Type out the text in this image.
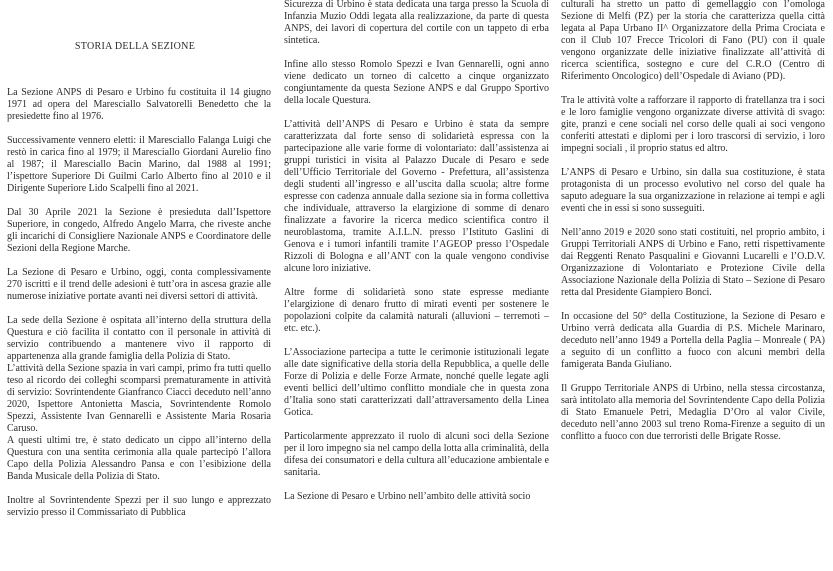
STORIA DELLA SEZIONE

La Sezione ANPS di Pesaro e Urbino fu costituita il 14 giugno 1971 ad opera del Maresciallo Salvatorelli Benedetto che la presiedette fino al 1976.

Successivamente vennero eletti: il Maresciallo Falanga Luigi che restò in carica fino al 1979; il Maresciallo Giordani Aurelio fino al 1987; il Maresciallo Bacin Marino, dal 1988 al 1991; l’ispettore Superiore Di Guilmi Carlo Alberto fino al 2010 e il Dirigente Superiore Lido Scalpelli fino al 2021.

Dal 30 Aprile 2021 la Sezione è presieduta dall’Ispettore Superiore, in congedo, Alfredo Angelo Marra, che riveste anche gli incarichi di Consigliere Nazionale ANPS e Coordinatore delle Sezioni della Regione Marche.

La Sezione di Pesaro e Urbino, oggi, conta complessivamente 270 iscritti e il trend delle adesioni è tutt’ora in ascesa grazie alle numerose iniziative portate avanti nei diversi settori di attività.

La sede della Sezione è ospitata all’interno della struttura della Questura e ciò facilita il contatto con il personale in attività di servizio contribuendo a mantenere vivo il rapporto di appartenenza alla grande famiglia della Polizia di Stato.

L’attività della Sezione spazia in vari campi, primo fra tutti quello teso al ricordo dei colleghi scomparsi prematuramente in attività di servizio: Sovrintendente Gianfranco Ciacci deceduto nell’anno 2020, Ispettore Antonietta Mascia, Sovrintendente Romolo Spezzi, Assistente Ivan Gennarelli e Assistente Maria Rosaria Caruso.

A questi ultimi tre, è stato dedicato un cippo all’interno della Questura con una sentita cerimonia alla quale partecipò l’allora Capo della Polizia Alessandro Pansa e con l’esibizione della Banda Musicale della Polizia di Stato.

Inoltre al Sovrintendente Spezzi per il suo lungo e apprezzato servizio presso il Commissariato di Pubblica

Sicurezza di Urbino è stata dedicata una targa presso la Scuola di Infanzia Muzio Oddi legata alla realizzazione, da parte di questa ANPS, dei lavori di copertura del cortile con un tappeto di erba sintetica.

Infine allo stesso Romolo Spezzi e Ivan Gennarelli, ogni anno viene dedicato un torneo di calcetto a cinque organizzato congiuntamente da questa Sezione ANPS e dal Gruppo Sportivo della locale Questura.

L’attività dell’ANPS di Pesaro e Urbino è stata da sempre caratterizzata dal forte senso di solidarietà espressa con la partecipazione alle varie forme di volontariato: dall’assistenza ai gruppi turistici in visita al Palazzo Ducale di Pesaro e sede dell’Ufficio Territoriale del Governo - Prefettura, all’assistenza degli studenti all’ingresso e all’uscita dalla scuola; altre forme espresse con cadenza annuale dalla sezione sia in forma collettiva che individuale, attraverso la elargizione di somme di denaro finalizzate a favorire la ricerca medico scientifica contro il neuroblastoma, tramite A.I.L.N. presso l’Istituto Gaslini di Genova e i tumori infantili tramite l’AGEOP presso l’Ospedale Rizzoli di Bologna e all’ANT con la quale vengono condivise alcune loro iniziative.

Altre forme di solidarietà sono state espresse mediante l’elargizione di denaro frutto di mirati eventi per sostenere le popolazioni colpite da calamità naturali (alluvioni – terremoti – etc. etc.).

L’Associazione partecipa a tutte le cerimonie istituzionali legate alle date significative della storia della Repubblica, a quelle delle Forze di Polizia e delle Forze Armate, nonché quelle legate agli eventi bellici dell’ultimo conflitto mondiale che in questa zona d’Italia sono stati caratterizzati dall’attraversamento della Linea Gotica.

Particolarmente apprezzato il ruolo di alcuni soci della Sezione per il loro impegno sia nel campo della lotta alla criminalità, della difesa dei consumatori e della cultura all’educazione ambientale e sanitaria.

La Sezione di Pesaro e Urbino nell’ambito delle attività socio

culturali ha stretto un patto di gemellaggio con l’omologa Sezione di Melfi (PZ) per la storia che caratterizza quella città legata al Papa Urbano II^ Organizzatore della Prima Crociata e con il Club 107 Frecce Tricolori di Fano (PU) con il quale vengono organizzate delle iniziative finalizzate all’attività di ricerca scientifica, sostegno e cure del C.R.O (Centro di Riferimento Oncologico) dell’Ospedale di Aviano (PD).

Tra le attività volte a rafforzare il rapporto di fratellanza tra i soci e le loro famiglie vengono organizzate diverse attività di svago: gite, pranzi e cene sociali nel corso delle quali ai soci vengono conferiti attestati e diplomi per i loro trascorsi di servizio, i loro impegni sociali , il proprio status ed altro.

L’ANPS di Pesaro e Urbino, sin dalla sua costituzione, è stata protagonista di un processo evolutivo nel corso del quale ha saputo adeguare la sua organizzazione in relazione ai tempi e agli eventi che in essi si sono susseguiti.

Nell’anno 2019 e 2020 sono stati costituiti, nel proprio ambito, i Gruppi Territoriali ANPS di Urbino e Fano, retti rispettivamente dai Reggenti Renato Pasqualini e Giovanni Lucarelli e l’O.D.V. Organizzazione di Volontariato e Protezione Civile della Associazione Nazionale della Polizia di Stato – Sezione di Pesaro retta dal Presidente Giampiero Bonci.

In occasione del 50° della Costituzione, la Sezione di Pesaro e Urbino verrà dedicata alla Guardia di P.S. Michele Marinaro, deceduto nell’anno 1949 a Portella della Paglia – Monreale ( PA) a seguito di un conflitto a fuoco con alcuni membri della famigerata Banda Giuliano.

Il Gruppo Territoriale ANPS di Urbino, nella stessa circostanza, sarà intitolato alla memoria del Sovrintendente Capo della Polizia di Stato Emanuele Petri, Medaglia D’Oro al valor Civile, deceduto nell’anno 2003 sul treno Roma-Firenze a seguito di un conflitto a fuoco con due terroristi delle Brigate Rosse.
